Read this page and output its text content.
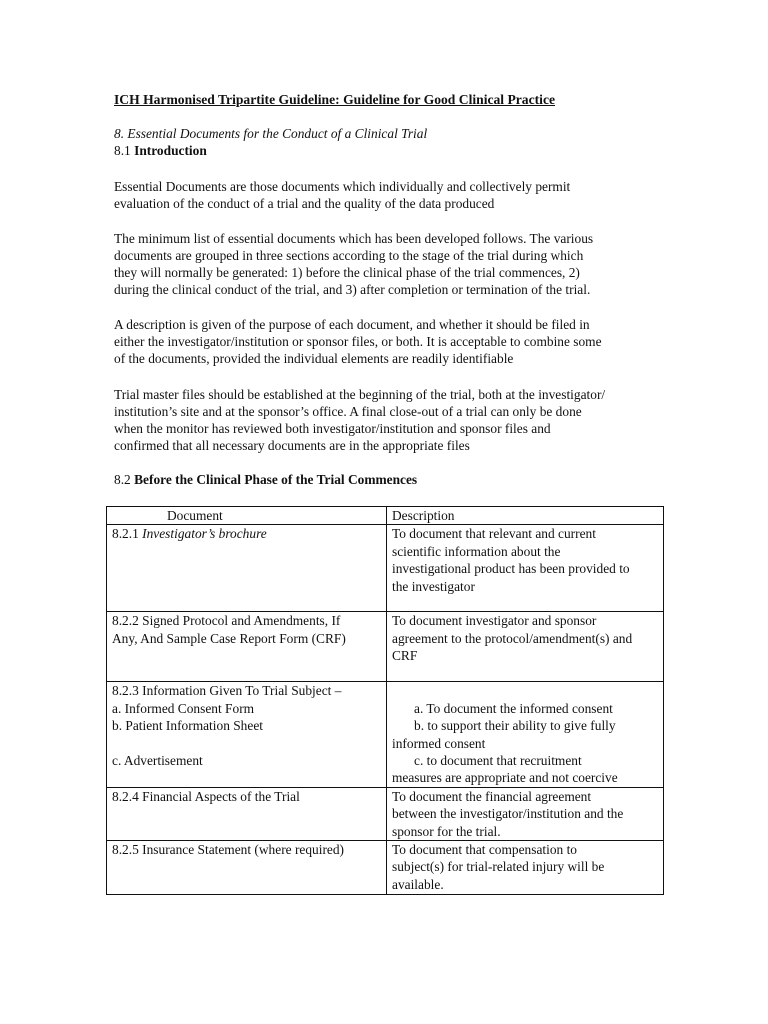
ICH Harmonised Tripartite Guideline: Guideline for Good Clinical Practice
8. Essential Documents for the Conduct of a Clinical Trial
8.1 Introduction

Essential Documents are those documents which individually and collectively permit
evaluation of the conduct of a trial and the quality of the data produced

The minimum list of essential documents which has been developed follows. The various
documents are grouped in three sections according to the stage of the trial during which
they will normally be generated: 1) before the clinical phase of the trial commences, 2)
during the clinical conduct of the trial, and 3) after completion or termination of the trial.

A description is given of the purpose of each document, and whether it should be filed in
either the investigator/institution or sponsor files, or both. It is acceptable to combine some
of the documents, provided the individual elements are readily identifiable

Trial master files should be established at the beginning of the trial, both at the investigator/
institution’s site and at the sponsor’s office. A final close-out of a trial can only be done
when the monitor has reviewed both investigator/institution and sponsor files and
confirmed that all necessary documents are in the appropriate files

8.2 Before the Clinical Phase of the Trial Commences
Document	Description
8.2.1 Investigator’s brochure	To document that relevant and current
scientific information about the
investigational product has been provided to
the investigator

8.2.2 Signed Protocol and Amendments, If
Any, And Sample Case Report Form (CRF)	To document investigator and sponsor
agreement to the protocol/amendment(s) and
CRF

8.2.3 Information Given To Trial Subject –
a. Informed Consent Form
b. Patient Information Sheet

c. Advertisement	a. To document the informed consent
b. to support their ability to give fully
informed consent
c. to document that recruitment
measures are appropriate and not coercive

8.2.4 Financial Aspects of the Trial	To document the financial agreement
between the investigator/institution and the
sponsor for the trial.

8.2.5 Insurance Statement (where required)	To document that compensation to
subject(s) for trial-related injury will be
available.
